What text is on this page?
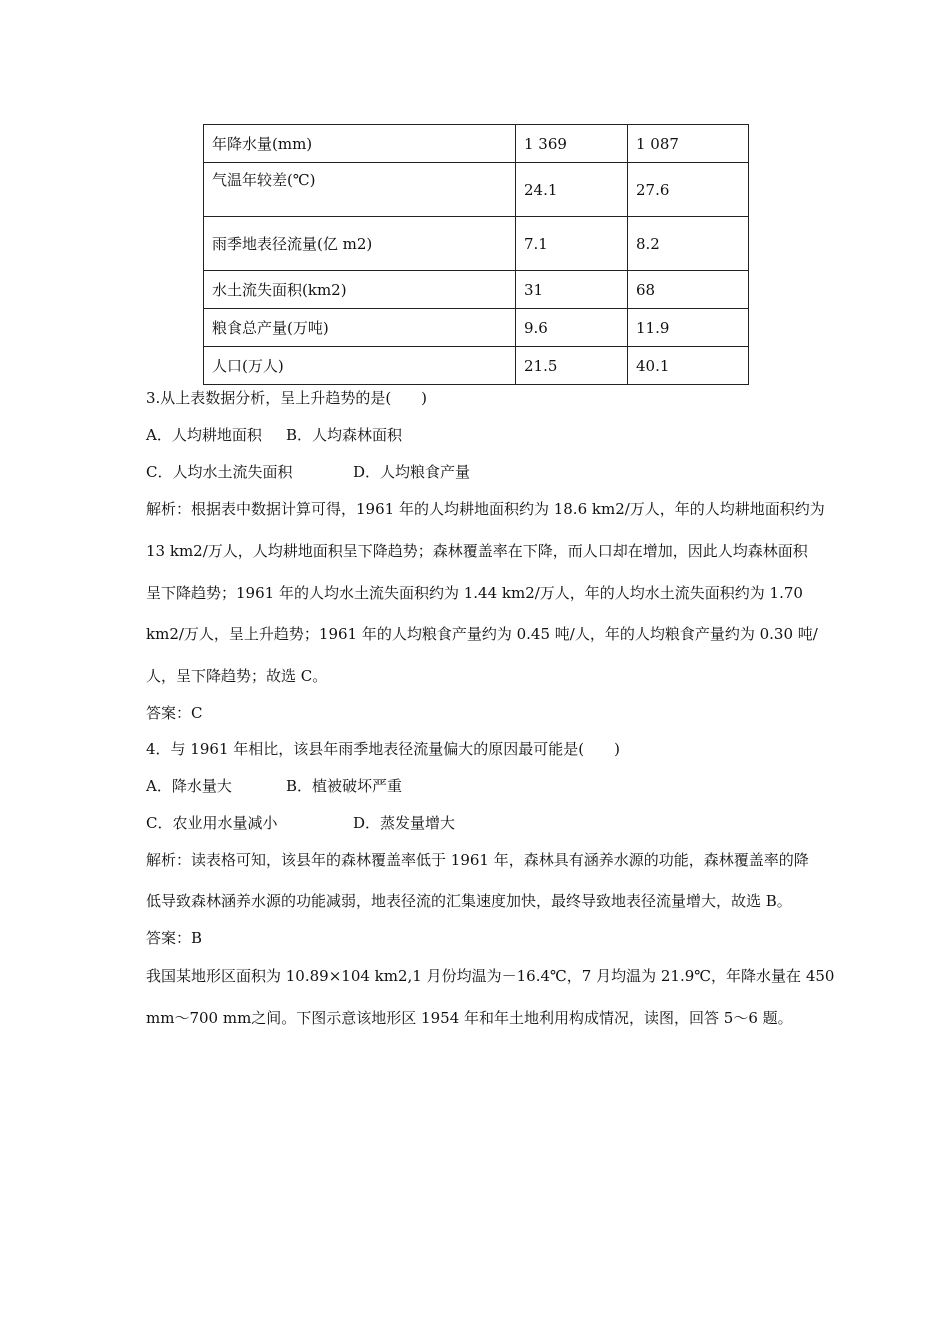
年降水量(mm)	1 369	1 087
气温年较差(℃)	24.1	27.6
雨季地表径流量(亿 m2)	7.1	8.2
水土流失面积(km2)	31	68
粮食总产量(万吨)	9.6	11.9
人口(万人)	21.5	40.1
3.从上表数据分析，呈上升趋势的是(　　)
A．人均耕地面积 B．人均森林面积
C．人均水土流失面积	D．人均粮食产量
解析：根据表中数据计算可得，1961 年的人均耕地面积约为 18.6 km2/万人，年的人均耕地面积约为
13 km2/万人，人均耕地面积呈下降趋势；森林覆盖率在下降，而人口却在增加，因此人均森林面积
呈下降趋势；1961 年的人均水土流失面积约为 1.44 km2/万人，年的人均水土流失面积约为 1.70
km2/万人，呈上升趋势；1961 年的人均粮食产量约为 0.45 吨/人，年的人均粮食产量约为 0.30 吨/
人，呈下降趋势；故选 C。
答案：C
4．与 1961 年相比，该县年雨季地表径流量偏大的原因最可能是(　　)
A．降水量大	B．植被破坏严重
C．农业用水量减小	D．蒸发量增大
解析：读表格可知，该县年的森林覆盖率低于 1961 年，森林具有涵养水源的功能，森林覆盖率的降
低导致森林涵养水源的功能减弱，地表径流的汇集速度加快，最终导致地表径流量增大，故选 B。
答案：B
我国某地形区面积为 10.89×104 km2,1 月份均温为－16.4℃，7 月均温为 21.9℃，年降水量在 450
mm～700 mm之间。下图示意该地形区 1954 年和年土地利用构成情况，读图，回答 5～6 题。
